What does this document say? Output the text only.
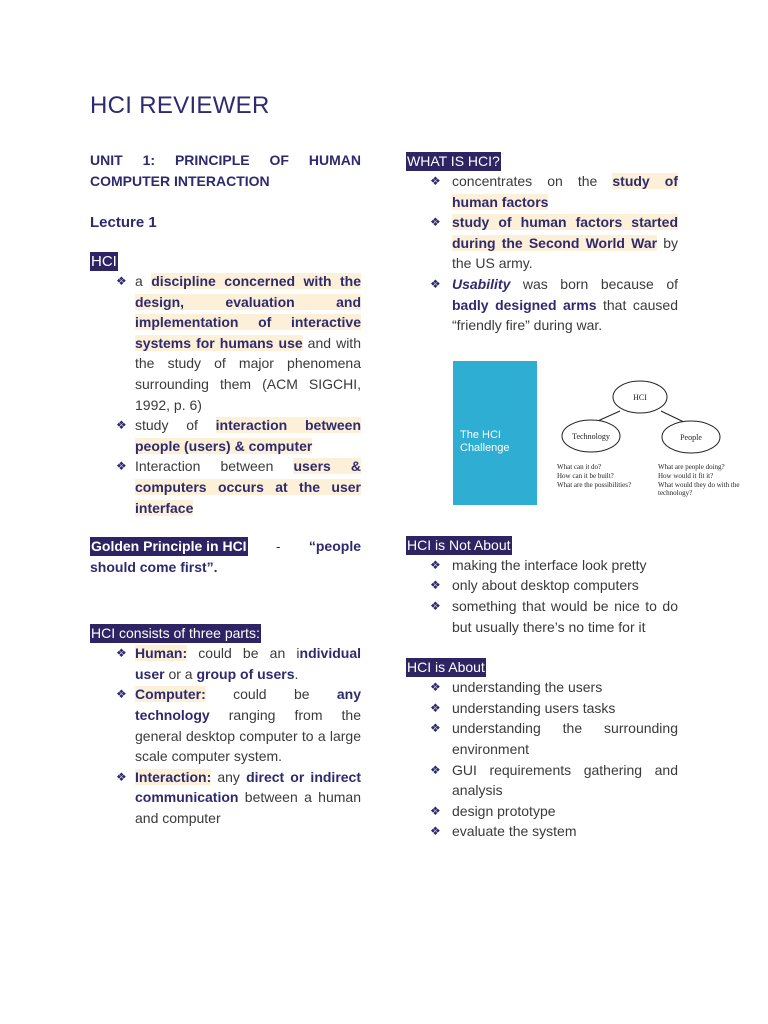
HCI REVIEWER

UNIT 1: PRINCIPLE OF HUMAN COMPUTER INTERACTION

Lecture 1
HCI
❖ a discipline concerned with the design, evaluation and implementation of interactive systems for humans use and with the study of major phenomena surrounding them (ACM SIGCHI, 1992, p. 6)
❖ study of interaction between people (users) & computer
❖ Interaction between users & computers occurs at the user interface

Golden Principle in HCI - “people should come first”.

HCI consists of three parts:
❖ Human: could be an individual user or a group of users.
❖ Computer: could be any technology ranging from the general desktop computer to a large scale computer system.
❖ Interaction: any direct or indirect communication between a human and computer
WHAT IS HCI?
❖ concentrates on the study of human factors
❖ study of human factors started during the Second World War by the US army.
❖ Usability was born because of badly designed arms that caused “friendly fire” during war.
HCI is Not About
❖ making the interface look pretty
❖ only about desktop computers
❖ something that would be nice to do but usually there’s no time for it
HCI is About
❖ understanding the users
❖ understanding users tasks
❖ understanding the surrounding environment
❖ GUI requirements gathering and analysis
❖ design prototype
❖ evaluate the system
The HCI Challenge
HCI
Technology	People
What can it do?
How can it be built?
What are the possibilities?
What are people doing?
How would it fit it?
What would they do with the
technology?
